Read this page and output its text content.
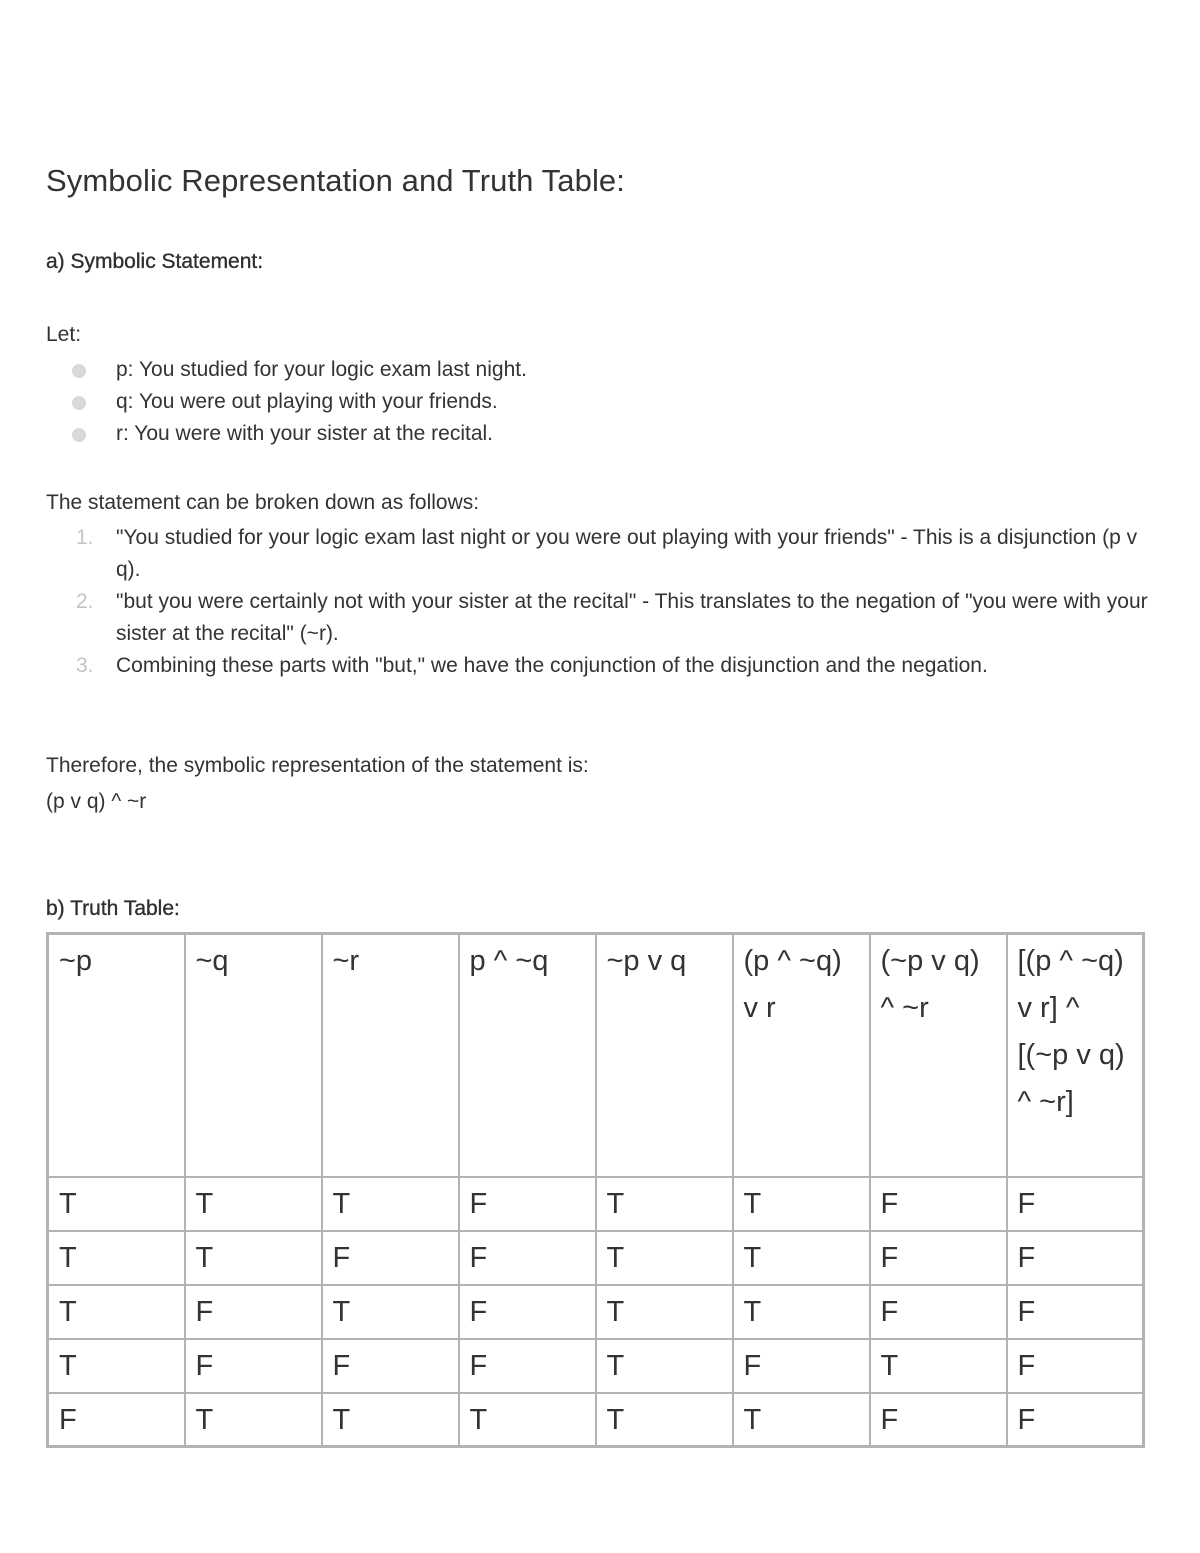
Symbolic Representation and Truth Table:
a) Symbolic Statement:

Let:

p: You studied for your logic exam last night.
q: You were out playing with your friends.
r: You were with your sister at the recital.

The statement can be broken down as follows:

1. "You studied for your logic exam last night or you were out playing with your friends" - This is a disjunction (p v q).
2. "but you were certainly not with your sister at the recital" - This translates to the negation of "you were with your sister at the recital" (~r).
3. Combining these parts with "but," we have the conjunction of the disjunction and the negation.

Therefore, the symbolic representation of the statement is:

(p v q) ^ ~r

b) Truth Table:
~p	~q	~r	p ^ ~q	~p v q	(p ^ ~q) v r	(~p v q) ^ ~r	[(p ^ ~q) v r] ^ [(~p v q) ^ ~r]
T	T	T	F	T	T	F	F
T	T	F	F	T	T	F	F
T	F	T	F	T	T	F	F
T	F	F	F	T	F	T	F
F	T	T	T	T	T	F	F
